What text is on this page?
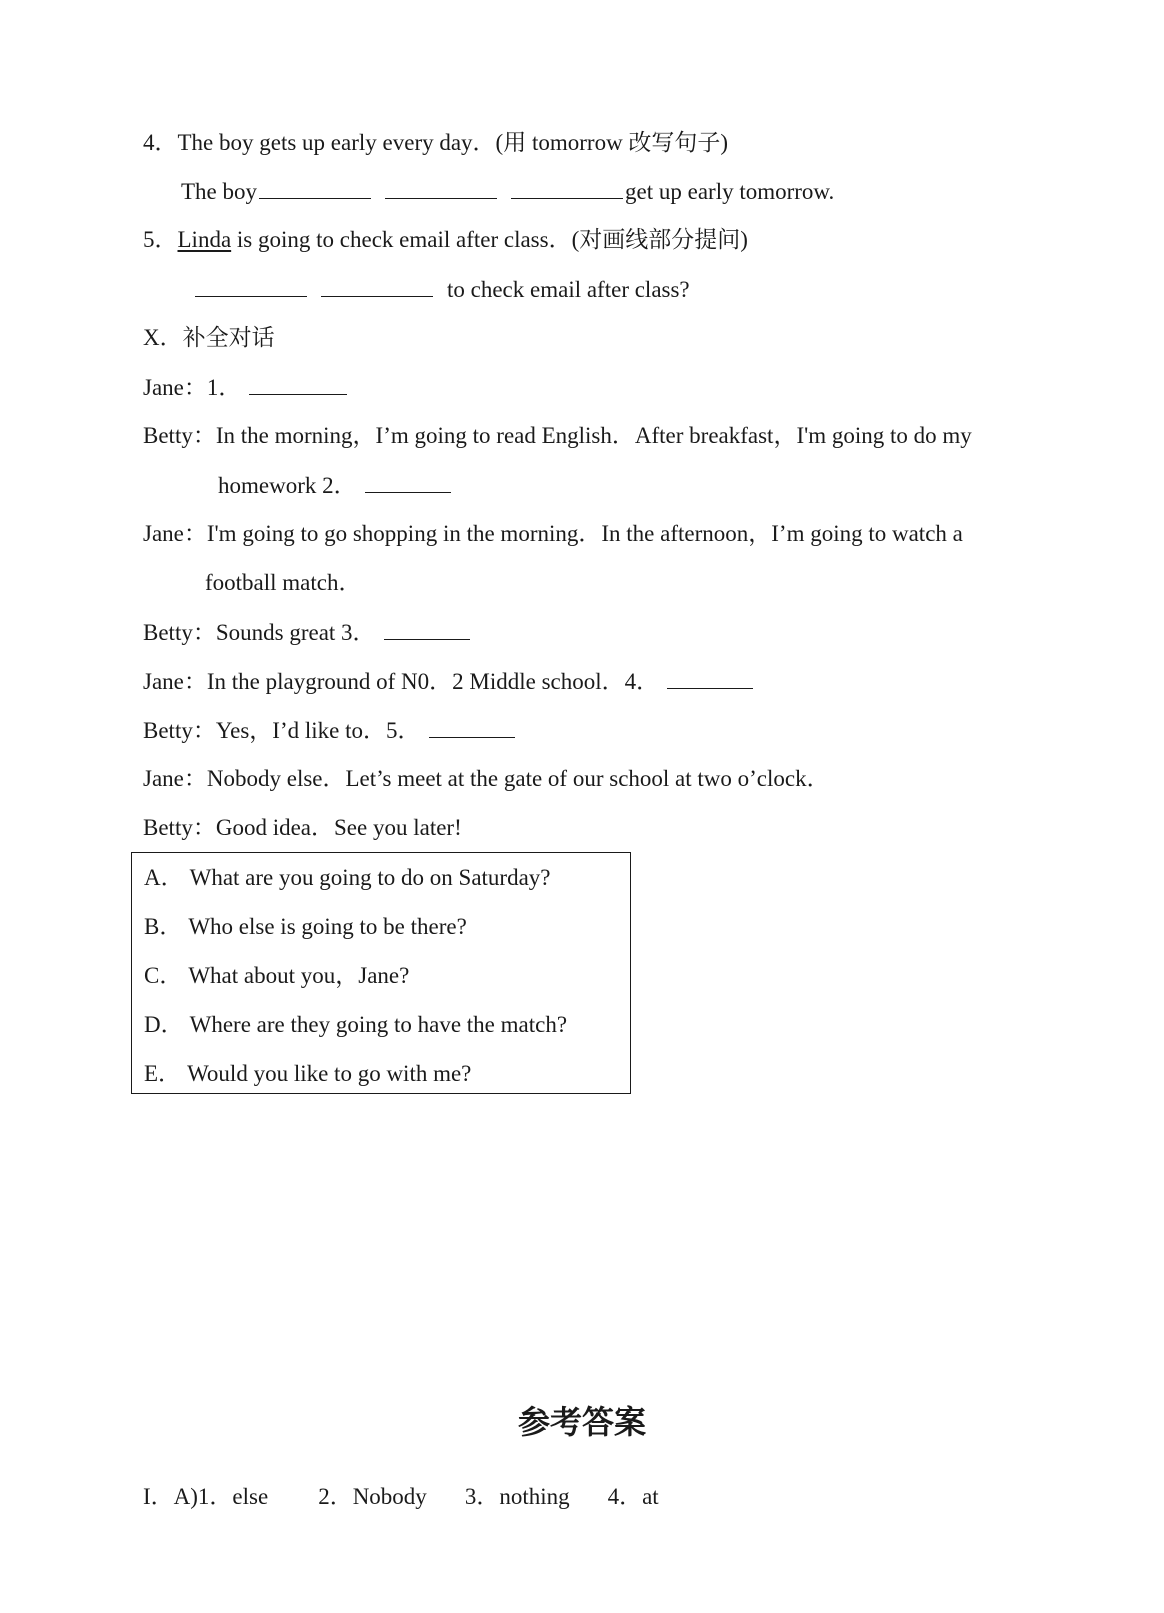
4．The boy gets up early every day．(用 tomorrow 改写句子)
The boy	get up early tomorrow.
5．Linda is going to check email after class．(对画线部分提问)
to check email after class?
X．补全对话
Jane：1．
Betty：In the morning，I’m going to read English．After breakfast，I'm going to do my
homework 2．
Jane：I'm going to go shopping in the morning．In the afternoon，I’m going to watch a
football match．
Betty：Sounds great 3．
Jane：In the playground of N0．2 Middle school．4．
Betty：Yes，I’d like to．5．
Jane：Nobody else．Let’s meet at the gate of our school at two o’clock．
Betty：Good idea．See you later!
A． What are you going to do on Saturday?
B． Who else is going to be there?
C． What about you，Jane?
D． Where are they going to have the match?
E． Would you like to go with me?
参考答案
I．A)1．else 2．Nobody 3．nothing 4．at
